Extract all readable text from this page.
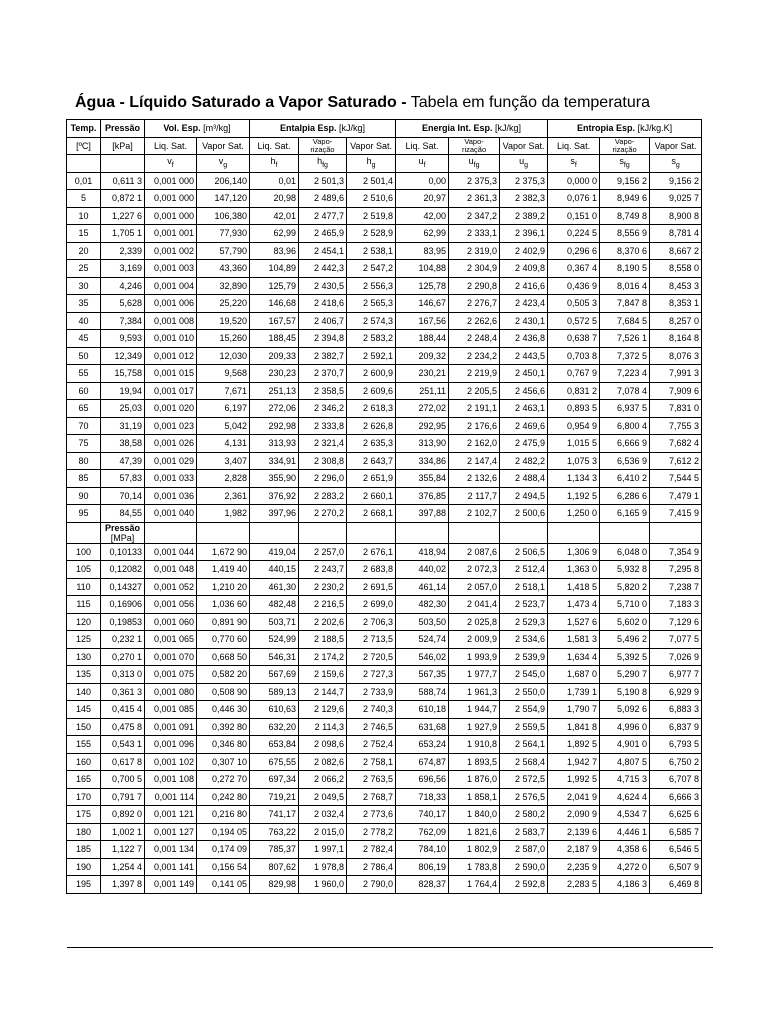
Água - Líquido Saturado a Vapor Saturado - Tabela em função da temperatura
Temp.	Pressão	Vol. Esp. [m³/kg]		Entalpia Esp. [kJ/kg]			Energia Int. Esp. [kJ/kg]			Entropia Esp. [kJ/kg.K]		
[ºC]	[kPa]	Liq. Sat.	Vapor Sat.	Liq. Sat.	Vapo-
rização	Vapor Sat.	Liq. Sat.	Vapo-
rização	Vapor Sat.	Liq. Sat.	Vapo-
rização	Vapor Sat.
		$v_f$	$v_g$	$h_f$	$h_{fg}$	$h_g$	$u_f$	$u_{fg}$	$u_g$	$s_f$	$s_{fg}$	$s_g$
0,01	0,611 3	0,001 000	206,140	0,01	2 501,3	2 501,4	0,00	2 375,3	2 375,3	0,000 0	9,156 2	9,156 2
5	0,872 1	0,001 000	147,120	20,98	2 489,6	2 510,6	20,97	2 361,3	2 382,3	0,076 1	8,949 6	9,025 7
10	1,227 6	0,001 000	106,380	42,01	2 477,7	2 519,8	42,00	2 347,2	2 389,2	0,151 0	8,749 8	8,900 8
15	1,705 1	0,001 001	77,930	62,99	2 465,9	2 528,9	62,99	2 333,1	2 396,1	0,224 5	8,556 9	8,781 4
20	2,339	0,001 002	57,790	83,96	2 454,1	2 538,1	83,95	2 319,0	2 402,9	0,296 6	8,370 6	8,667 2
25	3,169	0,001 003	43,360	104,89	2 442,3	2 547,2	104,88	2 304,9	2 409,8	0,367 4	8,190 5	8,558 0
30	4,246	0,001 004	32,890	125,79	2 430,5	2 556,3	125,78	2 290,8	2 416,6	0,436 9	8,016 4	8,453 3
35	5,628	0,001 006	25,220	146,68	2 418,6	2 565,3	146,67	2 276,7	2 423,4	0,505 3	7,847 8	8,353 1
40	7,384	0,001 008	19,520	167,57	2 406,7	2 574,3	167,56	2 262,6	2 430,1	0,572 5	7,684 5	8,257 0
45	9,593	0,001 010	15,260	188,45	2 394,8	2 583,2	188,44	2 248,4	2 436,8	0,638 7	7,526 1	8,164 8
50	12,349	0,001 012	12,030	209,33	2 382,7	2 592,1	209,32	2 234,2	2 443,5	0,703 8	7,372 5	8,076 3
55	15,758	0,001 015	9,568	230,23	2 370,7	2 600,9	230,21	2 219,9	2 450,1	0,767 9	7,223 4	7,991 3
60	19,94	0,001 017	7,671	251,13	2 358,5	2 609,6	251,11	2 205,5	2 456,6	0,831 2	7,078 4	7,909 6
65	25,03	0,001 020	6,197	272,06	2 346,2	2 618,3	272,02	2 191,1	2 463,1	0,893 5	6,937 5	7,831 0
70	31,19	0,001 023	5,042	292,98	2 333,8	2 626,8	292,95	2 176,6	2 469,6	0,954 9	6,800 4	7,755 3
75	38,58	0,001 026	4,131	313,93	2 321,4	2 635,3	313,90	2 162,0	2 475,9	1,015 5	6,666 9	7,682 4
80	47,39	0,001 029	3,407	334,91	2 308,8	2 643,7	334,86	2 147,4	2 482,2	1,075 3	6,536 9	7,612 2
85	57,83	0,001 033	2,828	355,90	2 296,0	2 651,9	355,84	2 132,6	2 488,4	1,134 3	6,410 2	7,544 5
90	70,14	0,001 036	2,361	376,92	2 283,2	2 660,1	376,85	2 117,7	2 494,5	1,192 5	6,286 6	7,479 1
95	84,55	0,001 040	1,982	397,96	2 270,2	2 668,1	397,88	2 102,7	2 500,6	1,250 0	6,165 9	7,415 9
	Pressão
[MPa]											
100	0,10133	0,001 044	1,672 90	419,04	2 257,0	2 676,1	418,94	2 087,6	2 506,5	1,306 9	6,048 0	7,354 9
105	0,12082	0,001 048	1,419 40	440,15	2 243,7	2 683,8	440,02	2 072,3	2 512,4	1,363 0	5,932 8	7,295 8
110	0,14327	0,001 052	1,210 20	461,30	2 230,2	2 691,5	461,14	2 057,0	2 518,1	1,418 5	5,820 2	7,238 7
115	0,16906	0,001 056	1,036 60	482,48	2 216,5	2 699,0	482,30	2 041,4	2 523,7	1,473 4	5,710 0	7,183 3
120	0,19853	0,001 060	0,891 90	503,71	2 202,6	2 706,3	503,50	2 025,8	2 529,3	1,527 6	5,602 0	7,129 6
125	0,232 1	0,001 065	0,770 60	524,99	2 188,5	2 713,5	524,74	2 009,9	2 534,6	1,581 3	5,496 2	7,077 5
130	0,270 1	0,001 070	0,668 50	546,31	2 174,2	2 720,5	546,02	1 993,9	2 539,9	1,634 4	5,392 5	7,026 9
135	0,313 0	0,001 075	0,582 20	567,69	2 159,6	2 727,3	567,35	1 977,7	2 545,0	1,687 0	5,290 7	6,977 7
140	0,361 3	0,001 080	0,508 90	589,13	2 144,7	2 733,9	588,74	1 961,3	2 550,0	1,739 1	5,190 8	6,929 9
145	0,415 4	0,001 085	0,446 30	610,63	2 129,6	2 740,3	610,18	1 944,7	2 554,9	1,790 7	5,092 6	6,883 3
150	0,475 8	0,001 091	0,392 80	632,20	2 114,3	2 746,5	631,68	1 927,9	2 559,5	1,841 8	4,996 0	6,837 9
155	0,543 1	0,001 096	0,346 80	653,84	2 098,6	2 752,4	653,24	1 910,8	2 564,1	1,892 5	4,901 0	6,793 5
160	0,617 8	0,001 102	0,307 10	675,55	2 082,6	2 758,1	674,87	1 893,5	2 568,4	1,942 7	4,807 5	6,750 2
165	0,700 5	0,001 108	0,272 70	697,34	2 066,2	2 763,5	696,56	1 876,0	2 572,5	1,992 5	4,715 3	6,707 8
170	0,791 7	0,001 114	0,242 80	719,21	2 049,5	2 768,7	718,33	1 858,1	2 576,5	2,041 9	4,624 4	6,666 3
175	0,892 0	0,001 121	0,216 80	741,17	2 032,4	2 773,6	740,17	1 840,0	2 580,2	2,090 9	4,534 7	6,625 6
180	1,002 1	0,001 127	0,194 05	763,22	2 015,0	2 778,2	762,09	1 821,6	2 583,7	2,139 6	4,446 1	6,585 7
185	1,122 7	0,001 134	0,174 09	785,37	1 997,1	2 782,4	784,10	1 802,9	2 587,0	2,187 9	4,358 6	6,546 5
190	1,254 4	0,001 141	0,156 54	807,62	1 978,8	2 786,4	806,19	1 783,8	2 590,0	2,235 9	4,272 0	6,507 9
195	1,397 8	0,001 149	0,141 05	829,98	1 960,0	2 790,0	828,37	1 764,4	2 592,8	2,283 5	4,186 3	6,469 8
